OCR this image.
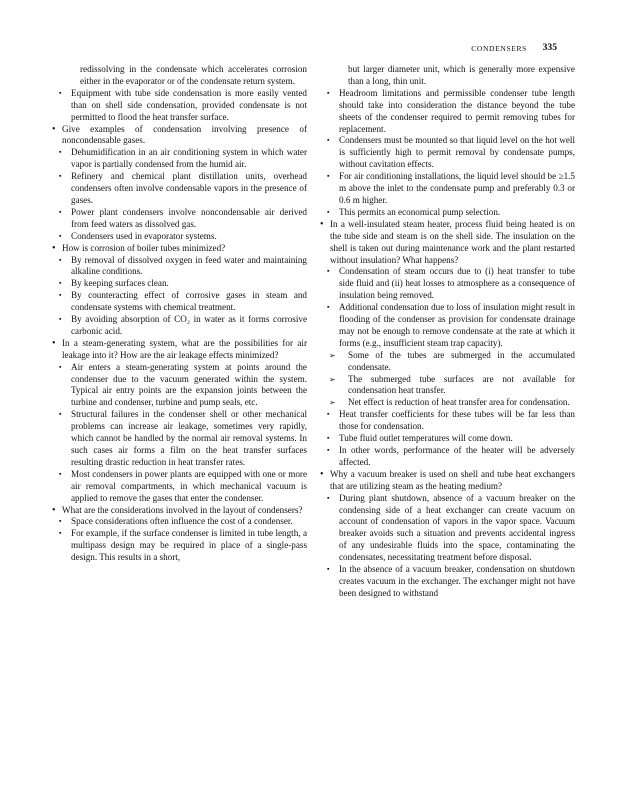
CONDENSERS 335

redissolving in the condensate which accelerates corrosion either in the evaporator or of the condensate return system.

▪ Equipment with tube side condensation is more easily vented than on shell side condensation, provided condensate is not permitted to flood the heat transfer surface.

• Give examples of condensation involving presence of noncondensable gases.

▪ Dehumidification in an air conditioning system in which water vapor is partially condensed from the humid air.

▪ Refinery and chemical plant distillation units, overhead condensers often involve condensable vapors in the presence of gases.

▪ Power plant condensers involve noncondensable air derived from feed waters as dissolved gas.

▪ Condensers used in evaporator systems.

• How is corrosion of boiler tubes minimized?

▪ By removal of dissolved oxygen in feed water and maintaining alkaline conditions.

▪ By keeping surfaces clean.

▪ By counteracting effect of corrosive gases in steam and condensate systems with chemical treatment.

▪ By avoiding absorption of CO₂ in water as it forms corrosive carbonic acid.

• In a steam-generating system, what are the possibilities for air leakage into it? How are the air leakage effects minimized?

▪ Air enters a steam-generating system at points around the condenser due to the vacuum generated within the system. Typical air entry points are the expansion joints between the turbine and condenser, turbine and pump seals, etc.

▪ Structural failures in the condenser shell or other mechanical problems can increase air leakage, sometimes very rapidly, which cannot be handled by the normal air removal systems. In such cases air forms a film on the heat transfer surfaces resulting drastic reduction in heat transfer rates.

▪ Most condensers in power plants are equipped with one or more air removal compartments, in which mechanical vacuum is applied to remove the gases that enter the condenser.

• What are the considerations involved in the layout of condensers?

▪ Space considerations often influence the cost of a condenser.

▪ For example, if the surface condenser is limited in tube length, a multipass design may be required in place of a single-pass design. This results in a short,

but larger diameter unit, which is generally more expensive than a long, thin unit.

▪ Headroom limitations and permissible condenser tube length should take into consideration the distance beyond the tube sheets of the condenser required to permit removing tubes for replacement.

▪ Condensers must be mounted so that liquid level on the hot well is sufficiently high to permit removal by condensate pumps, without cavitation effects.

▪ For air conditioning installations, the liquid level should be ≥1.5 m above the inlet to the condensate pump and preferably 0.3 or 0.6 m higher.

▪ This permits an economical pump selection.

• In a well-insulated steam heater, process fluid being heated is on the tube side and steam is on the shell side. The insulation on the shell is taken out during maintenance work and the plant restarted without insulation? What happens?

▪ Condensation of steam occurs due to (i) heat transfer to tube side fluid and (ii) heat losses to atmosphere as a consequence of insulation being removed.

▪ Additional condensation due to loss of insulation might result in flooding of the condenser as provision for condensate drainage may not be enough to remove condensate at the rate at which it forms (e.g., insufficient steam trap capacity).

➢ Some of the tubes are submerged in the accumulated condensate.

➢ The submerged tube surfaces are not available for condensation heat transfer.

➢ Net effect is reduction of heat transfer area for condensation.

▪ Heat transfer coefficients for these tubes will be far less than those for condensation.

▪ Tube fluid outlet temperatures will come down.

▪ In other words, performance of the heater will be adversely affected.

• Why a vacuum breaker is used on shell and tube heat exchangers that are utilizing steam as the heating medium?

▪ During plant shutdown, absence of a vacuum breaker on the condensing side of a heat exchanger can create vacuum on account of condensation of vapors in the vapor space. Vacuum breaker avoids such a situation and prevents accidental ingress of any undesirable fluids into the space, contaminating the condensates, necessitating treatment before disposal.

▪ In the absence of a vacuum breaker, condensation on shutdown creates vacuum in the exchanger. The exchanger might not have been designed to withstand
